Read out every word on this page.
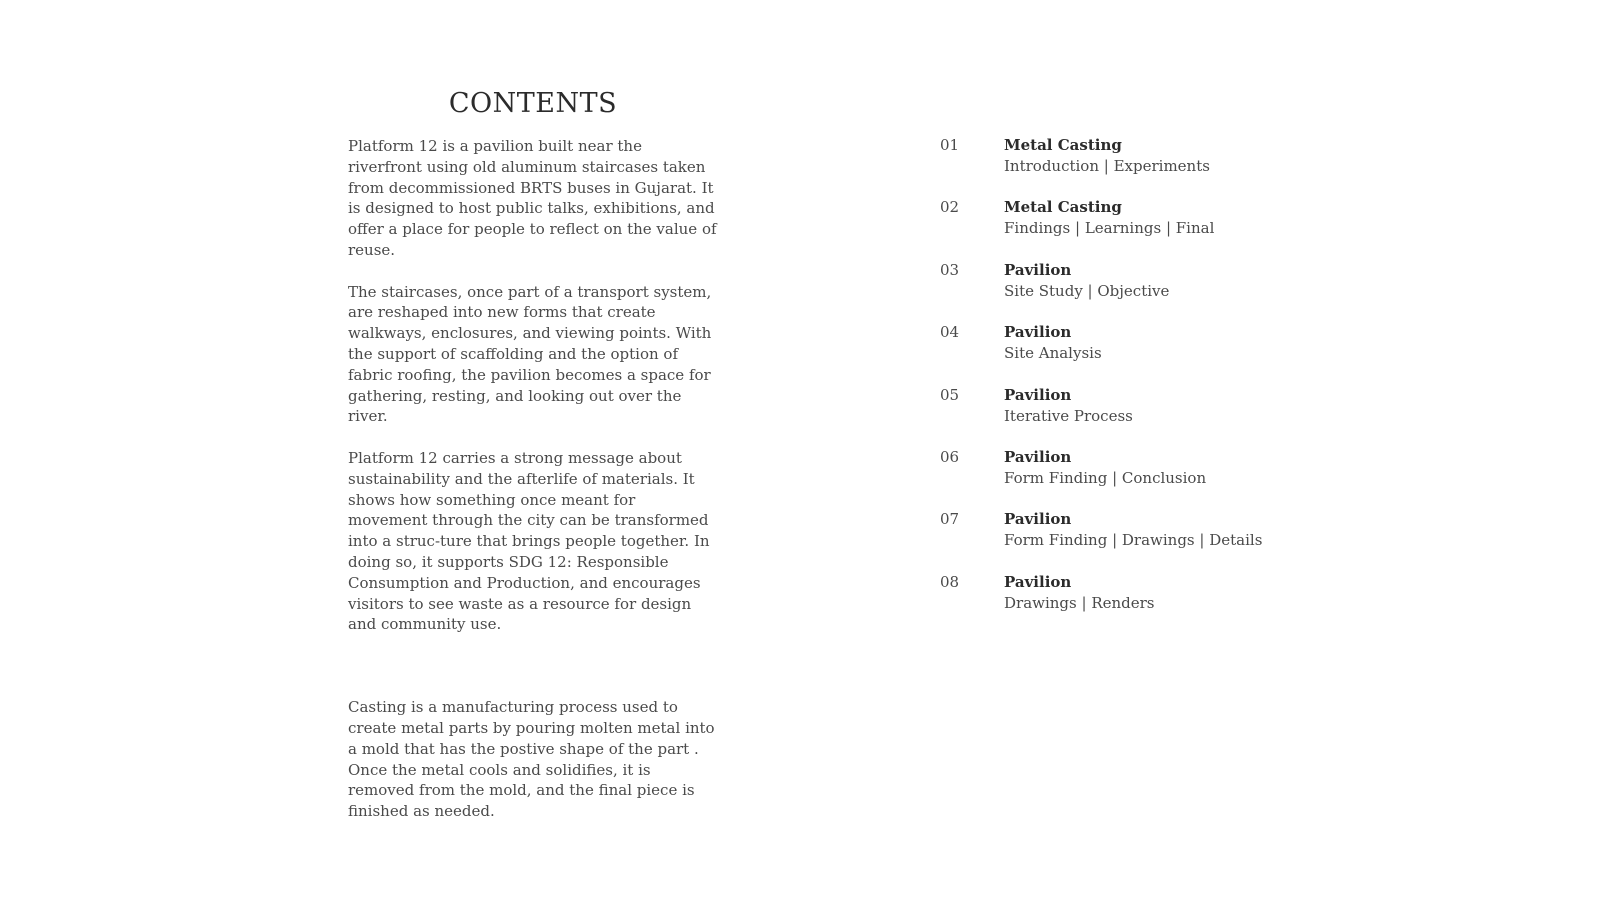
CONTENTS

Platform 12 is a pavilion built near the riverfront using old aluminum staircases taken from decommissioned BRTS buses in Gujarat. It is designed to host public talks, exhibitions, and offer a place for people to reflect on the value of reuse.

The staircases, once part of a transport system, are reshaped into new forms that create walkways, enclosures, and viewing points. With the support of scaffolding and the option of fabric roofing, the pavilion becomes a space for gathering, resting, and looking out over the river.

Platform 12 carries a strong message about sustainability and the afterlife of materials. It shows how something once meant for movement through the city can be transformed into a struc-ture that brings people together. In doing so, it supports SDG 12: Responsible Consumption and Production, and encourages visitors to see waste as a resource for design and community use.

Casting is a manufacturing process used to create metal parts by pouring molten metal into a mold that has the postive shape of the part . Once the metal cools and solidifies, it is removed from the mold, and the final piece is finished as needed.

01	Metal Casting
Introduction | Experiments
02	Metal Casting
Findings | Learnings | Final
03	Pavilion
Site Study | Objective
04	Pavilion
Site Analysis
05	Pavilion
Iterative Process
06	Pavilion
Form Finding | Conclusion
07	Pavilion
Form Finding | Drawings | Details
08	Pavilion
Drawings | Renders
